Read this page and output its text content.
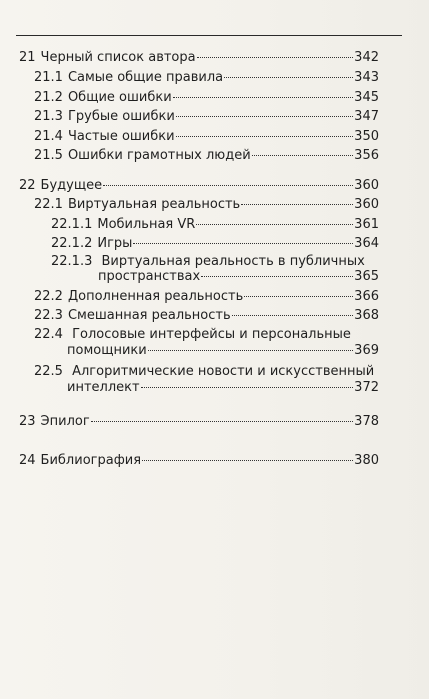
21 Черный список автора	342
21.1 Самые общие правила	343
21.2 Общие ошибки	345
21.3 Грубые ошибки	347
21.4 Частые ошибки	350
21.5 Ошибки грамотных людей	356
22 Будущее	360
22.1 Виртуальная реальность	360
22.1.1 Мобильная VR	361
22.1.2 Игры	364
22.1.3 Виртуальная реальность в публичных
пространствах	365
22.2 Дополненная реальность	366
22.3 Смешанная реальность	368
22.4 Голосовые интерфейсы и персональные
помощники	369
22.5 Алгоритмические новости и искусственный
интеллект	372
23 Эпилог	378
24 Библиография	380
